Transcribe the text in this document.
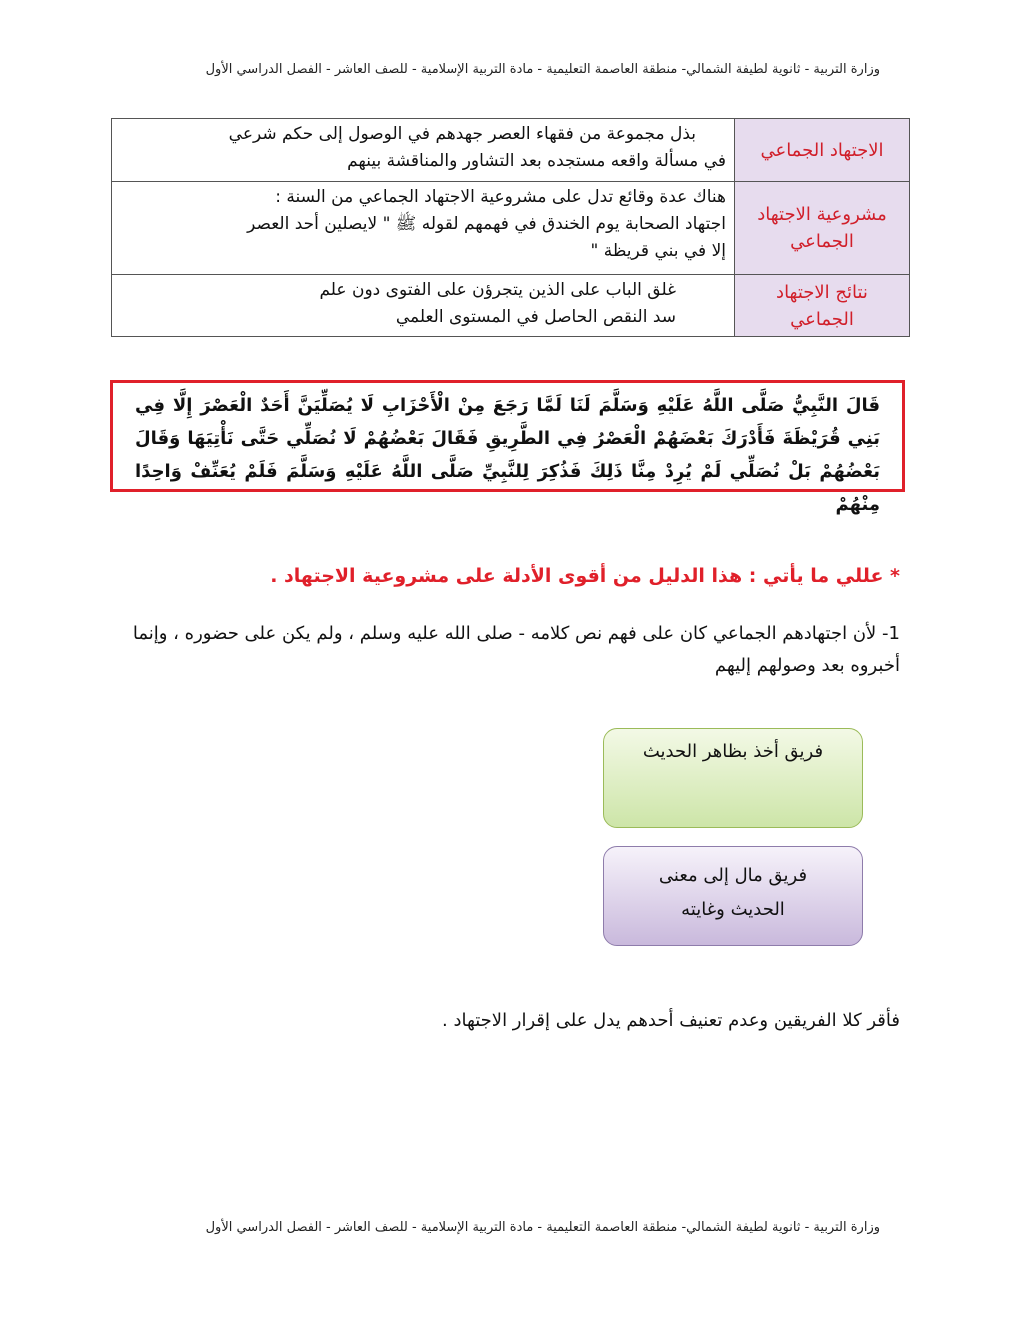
وزارة التربية - ثانوية لطيفة الشمالي- منطقة العاصمة التعليمية - مادة التربية الإسلامية - للصف العاشر - الفصل الدراسي الأول
الاجتهاد الجماعي	بذل مجموعة من فقهاء العصر جهدهم في الوصول إلى حكم شرعي
في مسألة واقعه مستجده بعد التشاور والمناقشة بينهم

مشروعية الاجتهاد الجماعي	هناك عدة وقائع تدل على مشروعية الاجتهاد الجماعي من السنة :
اجتهاد الصحابة يوم الخندق في فهمهم لقوله ﷺ " لايصلين أحد العصر
إلا في بني قريظة "

نتائج الاجتهاد الجماعي	غلق الباب على الذين يتجرؤن على الفتوى دون علم
سد النقص الحاصل في المستوى العلمي
قَالَ النَّبِيُّ صَلَّى اللَّهُ عَلَيْهِ وَسَلَّمَ لَنَا لَمَّا رَجَعَ مِنْ الْأَحْزَابِ لَا يُصَلِّيَنَّ أَحَدٌ الْعَصْرَ إِلَّا فِي بَنِي قُرَيْظَةَ فَأَدْرَكَ بَعْضَهُمْ الْعَصْرُ فِي الطَّرِيقِ فَقَالَ بَعْضُهُمْ لَا نُصَلِّي حَتَّى نَأْتِيَهَا وَقَالَ بَعْضُهُمْ بَلْ نُصَلِّي لَمْ يُرِدْ مِنَّا ذَلِكَ فَذُكِرَ لِلنَّبِيِّ صَلَّى اللَّهُ عَلَيْهِ وَسَلَّمَ فَلَمْ يُعَنِّفْ وَاحِدًا مِنْهُمْ
* عللي ما يأتي : هذا الدليل من أقوى الأدلة على مشروعية الاجتهاد .
1- لأن اجتهادهم الجماعي كان على فهم نص كلامه - صلى الله عليه وسلم ، ولم يكن على حضوره ، وإنما أخبروه بعد وصولهم إليهم
فريق أخذ بظاهر الحديث
فريق مال إلى معنى
الحديث وغايته
فأقر كلا الفريقين وعدم تعنيف أحدهم يدل على إقرار الاجتهاد .
وزارة التربية - ثانوية لطيفة الشمالي- منطقة العاصمة التعليمية - مادة التربية الإسلامية - للصف العاشر - الفصل الدراسي الأول
